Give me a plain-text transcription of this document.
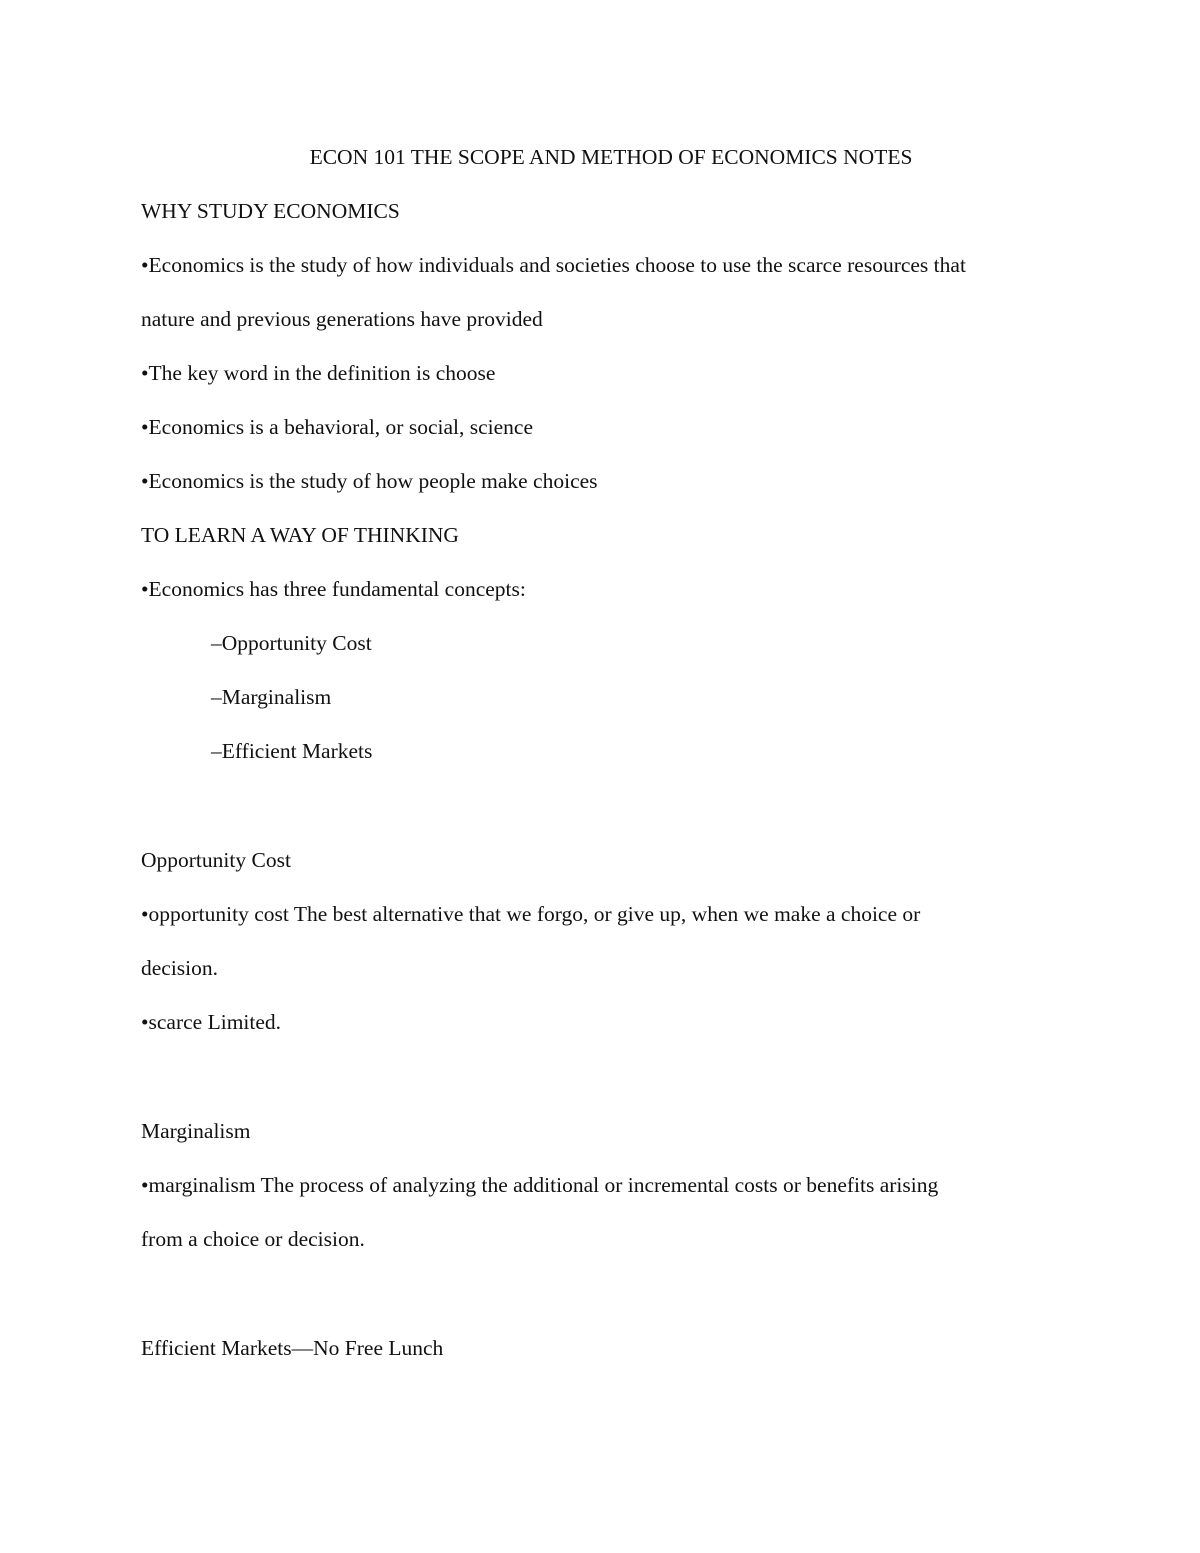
ECON 101 THE SCOPE AND METHOD OF ECONOMICS NOTES
WHY STUDY ECONOMICS
•Economics is the study of how individuals and societies choose to use the scarce resources that
nature and previous generations have provided
•The key word in the definition is choose
•Economics is a behavioral, or social, science
•Economics is the study of how people make choices
TO LEARN A WAY OF THINKING
•Economics has three fundamental concepts:
–Opportunity Cost
–Marginalism
–Efficient Markets
Opportunity Cost
•opportunity cost The best alternative that we forgo, or give up, when we make a choice or
decision.
•scarce Limited.
Marginalism
•marginalism The process of analyzing the additional or incremental costs or benefits arising
from a choice or decision.
Efficient Markets—No Free Lunch
